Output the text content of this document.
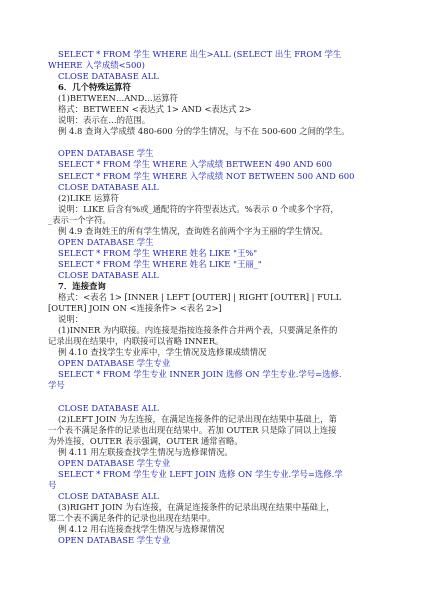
SELECT * FROM 学生 WHERE 出生>ALL (SELECT 出生 FROM 学生
WHERE 入学成绩<500)
CLOSE DATABASE ALL
6．几个特殊运算符
(1)BETWEEN…AND…运算符
格式：BETWEEN <表达式 1> AND <表达式 2>
说明：表示在…的范围。
例 4.8 查询入学成绩 480-600 分的学生情况，与不在 500-600 之间的学生。
OPEN DATABASE 学生
SELECT * FROM 学生 WHERE 入学成绩 BETWEEN 490 AND 600
SELECT * FROM 学生 WHERE 入学成绩 NOT BETWEEN 500 AND 600
CLOSE DATABASE ALL
(2)LIKE 运算符
说明：LIKE 后含有%或_通配符的字符型表达式。%表示 0 个或多个字符，
_表示一个字符。
例 4.9 查询姓王的所有学生情况，查询姓名前两个字为王丽的学生情况。
OPEN DATABASE 学生
SELECT * FROM 学生 WHERE 姓名 LIKE "王%"
SELECT * FROM 学生 WHERE 姓名 LIKE "王丽_"
CLOSE DATABASE ALL
7．连接查询
格式：<表名 1> [INNER | LEFT [OUTER] | RIGHT [OUTER] | FULL
[OUTER] JOIN ON <连接条件> <表名 2>]
说明：
(1)INNER 为内联接。内连接是指按连接条件合并两个表，只要满足条件的
记录出现在结果中，内联接可以省略 INNER。
例 4.10 查找学生专业库中，学生情况及选修课成绩情况
OPEN DATABASE 学生专业
SELECT * FROM 学生专业 INNER JOIN 选修 ON 学生专业.学号=选修.
学号
CLOSE DATABASE ALL
(2)LEFT JOIN 为左连接，在满足连接条件的记录出现在结果中基础上，第
一个表不满足条件的记录也出现在结果中。若加 OUTER 只是除了同以上连接
为外连接，OUTER 表示强调，OUTER 通常省略。
例 4.11 用左联接查找学生情况与选修课情况。
OPEN DATABASE 学生专业
SELECT * FROM 学生专业 LEFT JOIN 选修 ON 学生专业.学号=选修.学
号
CLOSE DATABASE ALL
(3)RIGHT JOIN 为右连接，在满足连接条件的记录出现在结果中基础上，
第二个表不满足条件的记录也出现在结果中。
例 4.12 用右连接查找学生情况与选修课情况
OPEN DATABASE 学生专业
